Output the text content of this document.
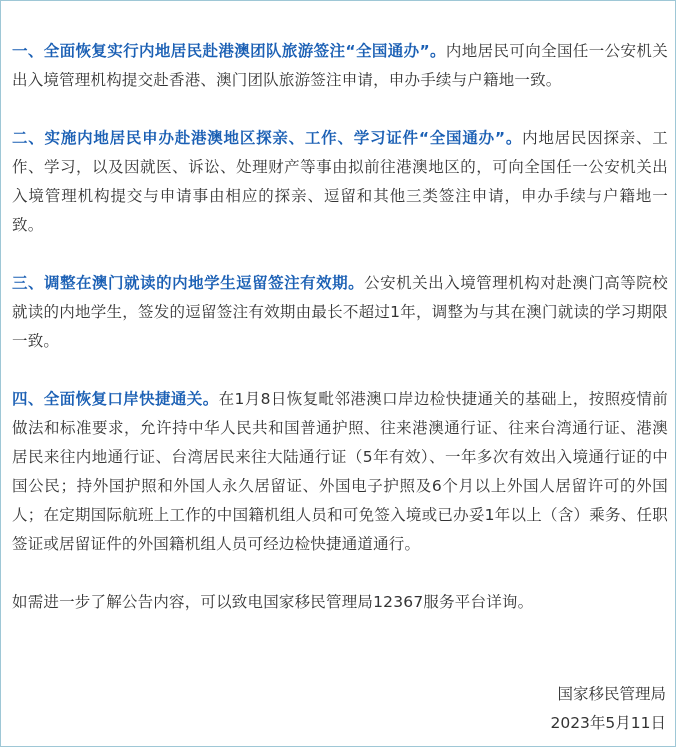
一、全面恢复实行内地居民赴港澳团队旅游签注“全国通办”。内地居民可向全国任一公安机关出入境管理机构提交赴香港、澳门团队旅游签注申请，申办手续与户籍地一致。

二、实施内地居民申办赴港澳地区探亲、工作、学习证件“全国通办”。内地居民因探亲、工作、学习，以及因就医、诉讼、处理财产等事由拟前往港澳地区的，可向全国任一公安机关出入境管理机构提交与申请事由相应的探亲、逗留和其他三类签注申请，申办手续与户籍地一致。

三、调整在澳门就读的内地学生逗留签注有效期。公安机关出入境管理机构对赴澳门高等院校就读的内地学生，签发的逗留签注有效期由最长不超过1年，调整为与其在澳门就读的学习期限一致。

四、全面恢复口岸快捷通关。在1月8日恢复毗邻港澳口岸边检快捷通关的基础上，按照疫情前做法和标准要求，允许持中华人民共和国普通护照、往来港澳通行证、往来台湾通行证、港澳居民来往内地通行证、台湾居民来往大陆通行证（5年有效）、一年多次有效出入境通行证的中国公民；持外国护照和外国人永久居留证、外国电子护照及6个月以上外国人居留许可的外国人；在定期国际航班上工作的中国籍机组人员和可免签入境或已办妥1年以上（含）乘务、任职签证或居留证件的外国籍机组人员可经边检快捷通道通行。

如需进一步了解公告内容，可以致电国家移民管理局12367服务平台详询。

国家移民管理局
2023年5月11日
